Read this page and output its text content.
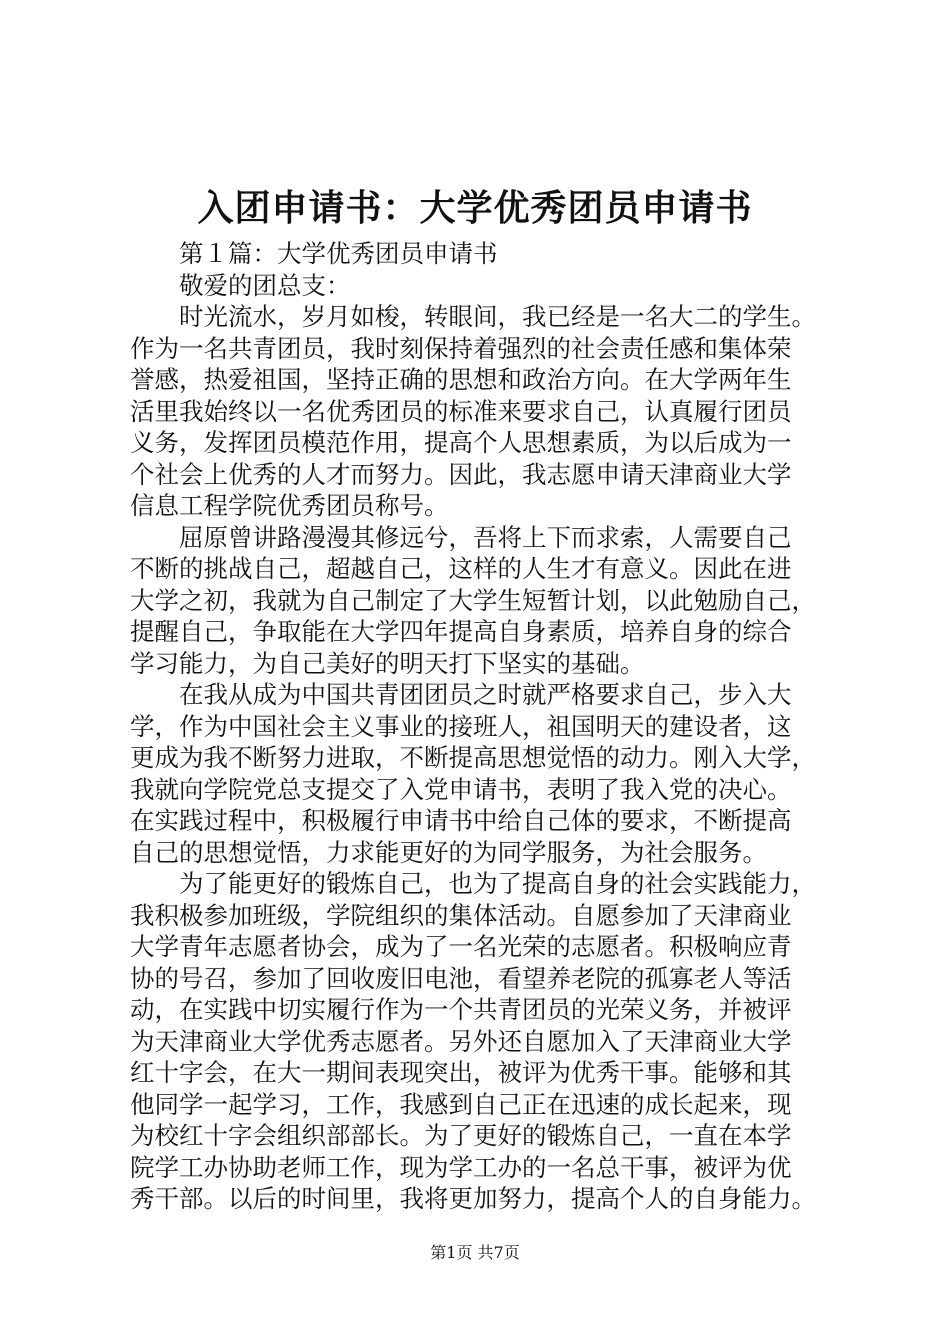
入团申请书：大学优秀团员申请书
第１篇：大学优秀团员申请书
敬爱的团总支：
时光流水，岁月如梭，转眼间，我已经是一名大二的学生。
作为一名共青团员，我时刻保持着强烈的社会责任感和集体荣
誉感，热爱祖国，坚持正确的思想和政治方向。在大学两年生
活里我始终以一名优秀团员的标准来要求自己，认真履行团员
义务，发挥团员模范作用，提高个人思想素质，为以后成为一
个社会上优秀的人才而努力。因此，我志愿申请天津商业大学
信息工程学院优秀团员称号。
屈原曾讲路漫漫其修远兮，吾将上下而求索，人需要自己
不断的挑战自己，超越自己，这样的人生才有意义。因此在进
大学之初，我就为自己制定了大学生短暂计划，以此勉励自己，
提醒自己，争取能在大学四年提高自身素质，培养自身的综合
学习能力，为自己美好的明天打下坚实的基础。
在我从成为中国共青团团员之时就严格要求自己，步入大
学，作为中国社会主义事业的接班人，祖国明天的建设者，这
更成为我不断努力进取，不断提高思想觉悟的动力。刚入大学，
我就向学院党总支提交了入党申请书，表明了我入党的决心。
在实践过程中，积极履行申请书中给自己体的要求，不断提高
自己的思想觉悟，力求能更好的为同学服务，为社会服务。
为了能更好的锻炼自己，也为了提高自身的社会实践能力，
我积极参加班级，学院组织的集体活动。自愿参加了天津商业
大学青年志愿者协会，成为了一名光荣的志愿者。积极响应青
协的号召，参加了回收废旧电池，看望养老院的孤寡老人等活
动，在实践中切实履行作为一个共青团员的光荣义务，并被评
为天津商业大学优秀志愿者。另外还自愿加入了天津商业大学
红十字会，在大一期间表现突出，被评为优秀干事。能够和其
他同学一起学习，工作，我感到自己正在迅速的成长起来，现
为校红十字会组织部部长。为了更好的锻炼自己，一直在本学
院学工办协助老师工作，现为学工办的一名总干事，被评为优
秀干部。以后的时间里，我将更加努力，提高个人的自身能力。
第1页 共7页
